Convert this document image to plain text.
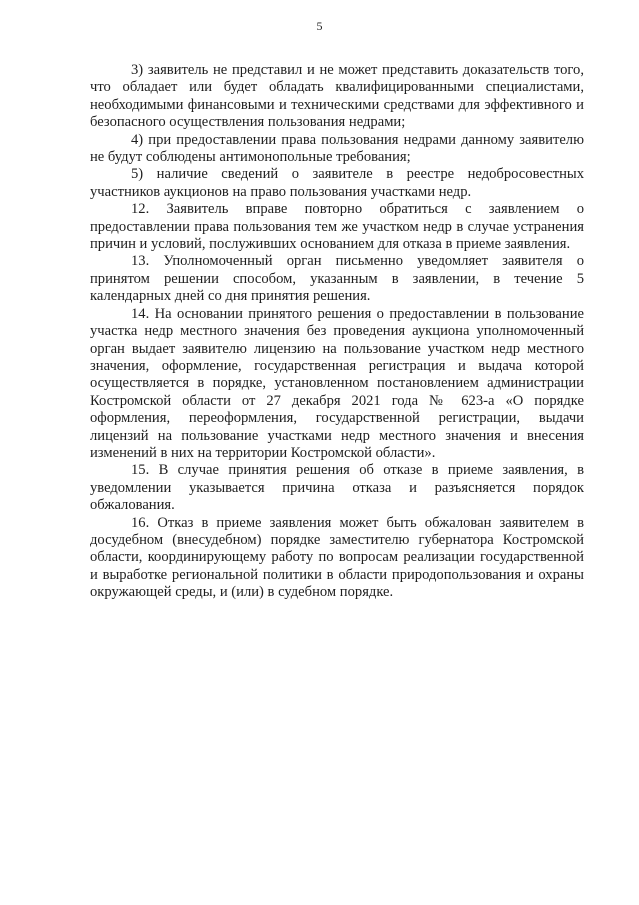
5

3) заявитель не представил и не может представить доказательств того, что обладает или будет обладать квалифицированными специалистами, необходимыми финансовыми и техническими средствами для эффективного и безопасного осуществления пользования недрами;

4) при предоставлении права пользования недрами данному заявителю не будут соблюдены антимонопольные требования;

5) наличие сведений о заявителе в реестре недобросовестных участников аукционов на право пользования участками недр.

12. Заявитель вправе повторно обратиться с заявлением о предоставлении права пользования тем же участком недр в случае устранения причин и условий, послуживших основанием для отказа в приеме заявления.

13. Уполномоченный орган письменно уведомляет заявителя о принятом решении способом, указанным в заявлении, в течение 5 календарных дней со дня принятия решения.

14. На основании принятого решения о предоставлении в пользование участка недр местного значения без проведения аукциона уполномоченный орган выдает заявителю лицензию на пользование участком недр местного значения, оформление, государственная регистрация и выдача которой осуществляется в порядке, установленном постановлением администрации Костромской области от 27 декабря 2021 года № 623-а «О порядке оформления, переоформления, государственной регистрации, выдачи лицензий на пользование участками недр местного значения и внесения изменений в них на территории Костромской области».

15. В случае принятия решения об отказе в приеме заявления, в уведомлении указывается причина отказа и разъясняется порядок обжалования.

16. Отказ в приеме заявления может быть обжалован заявителем в досудебном (внесудебном) порядке заместителю губернатора Костромской области, координирующему работу по вопросам реализации государственной и выработке региональной политики в области природопользования и охраны окружающей среды, и (или) в судебном порядке.
